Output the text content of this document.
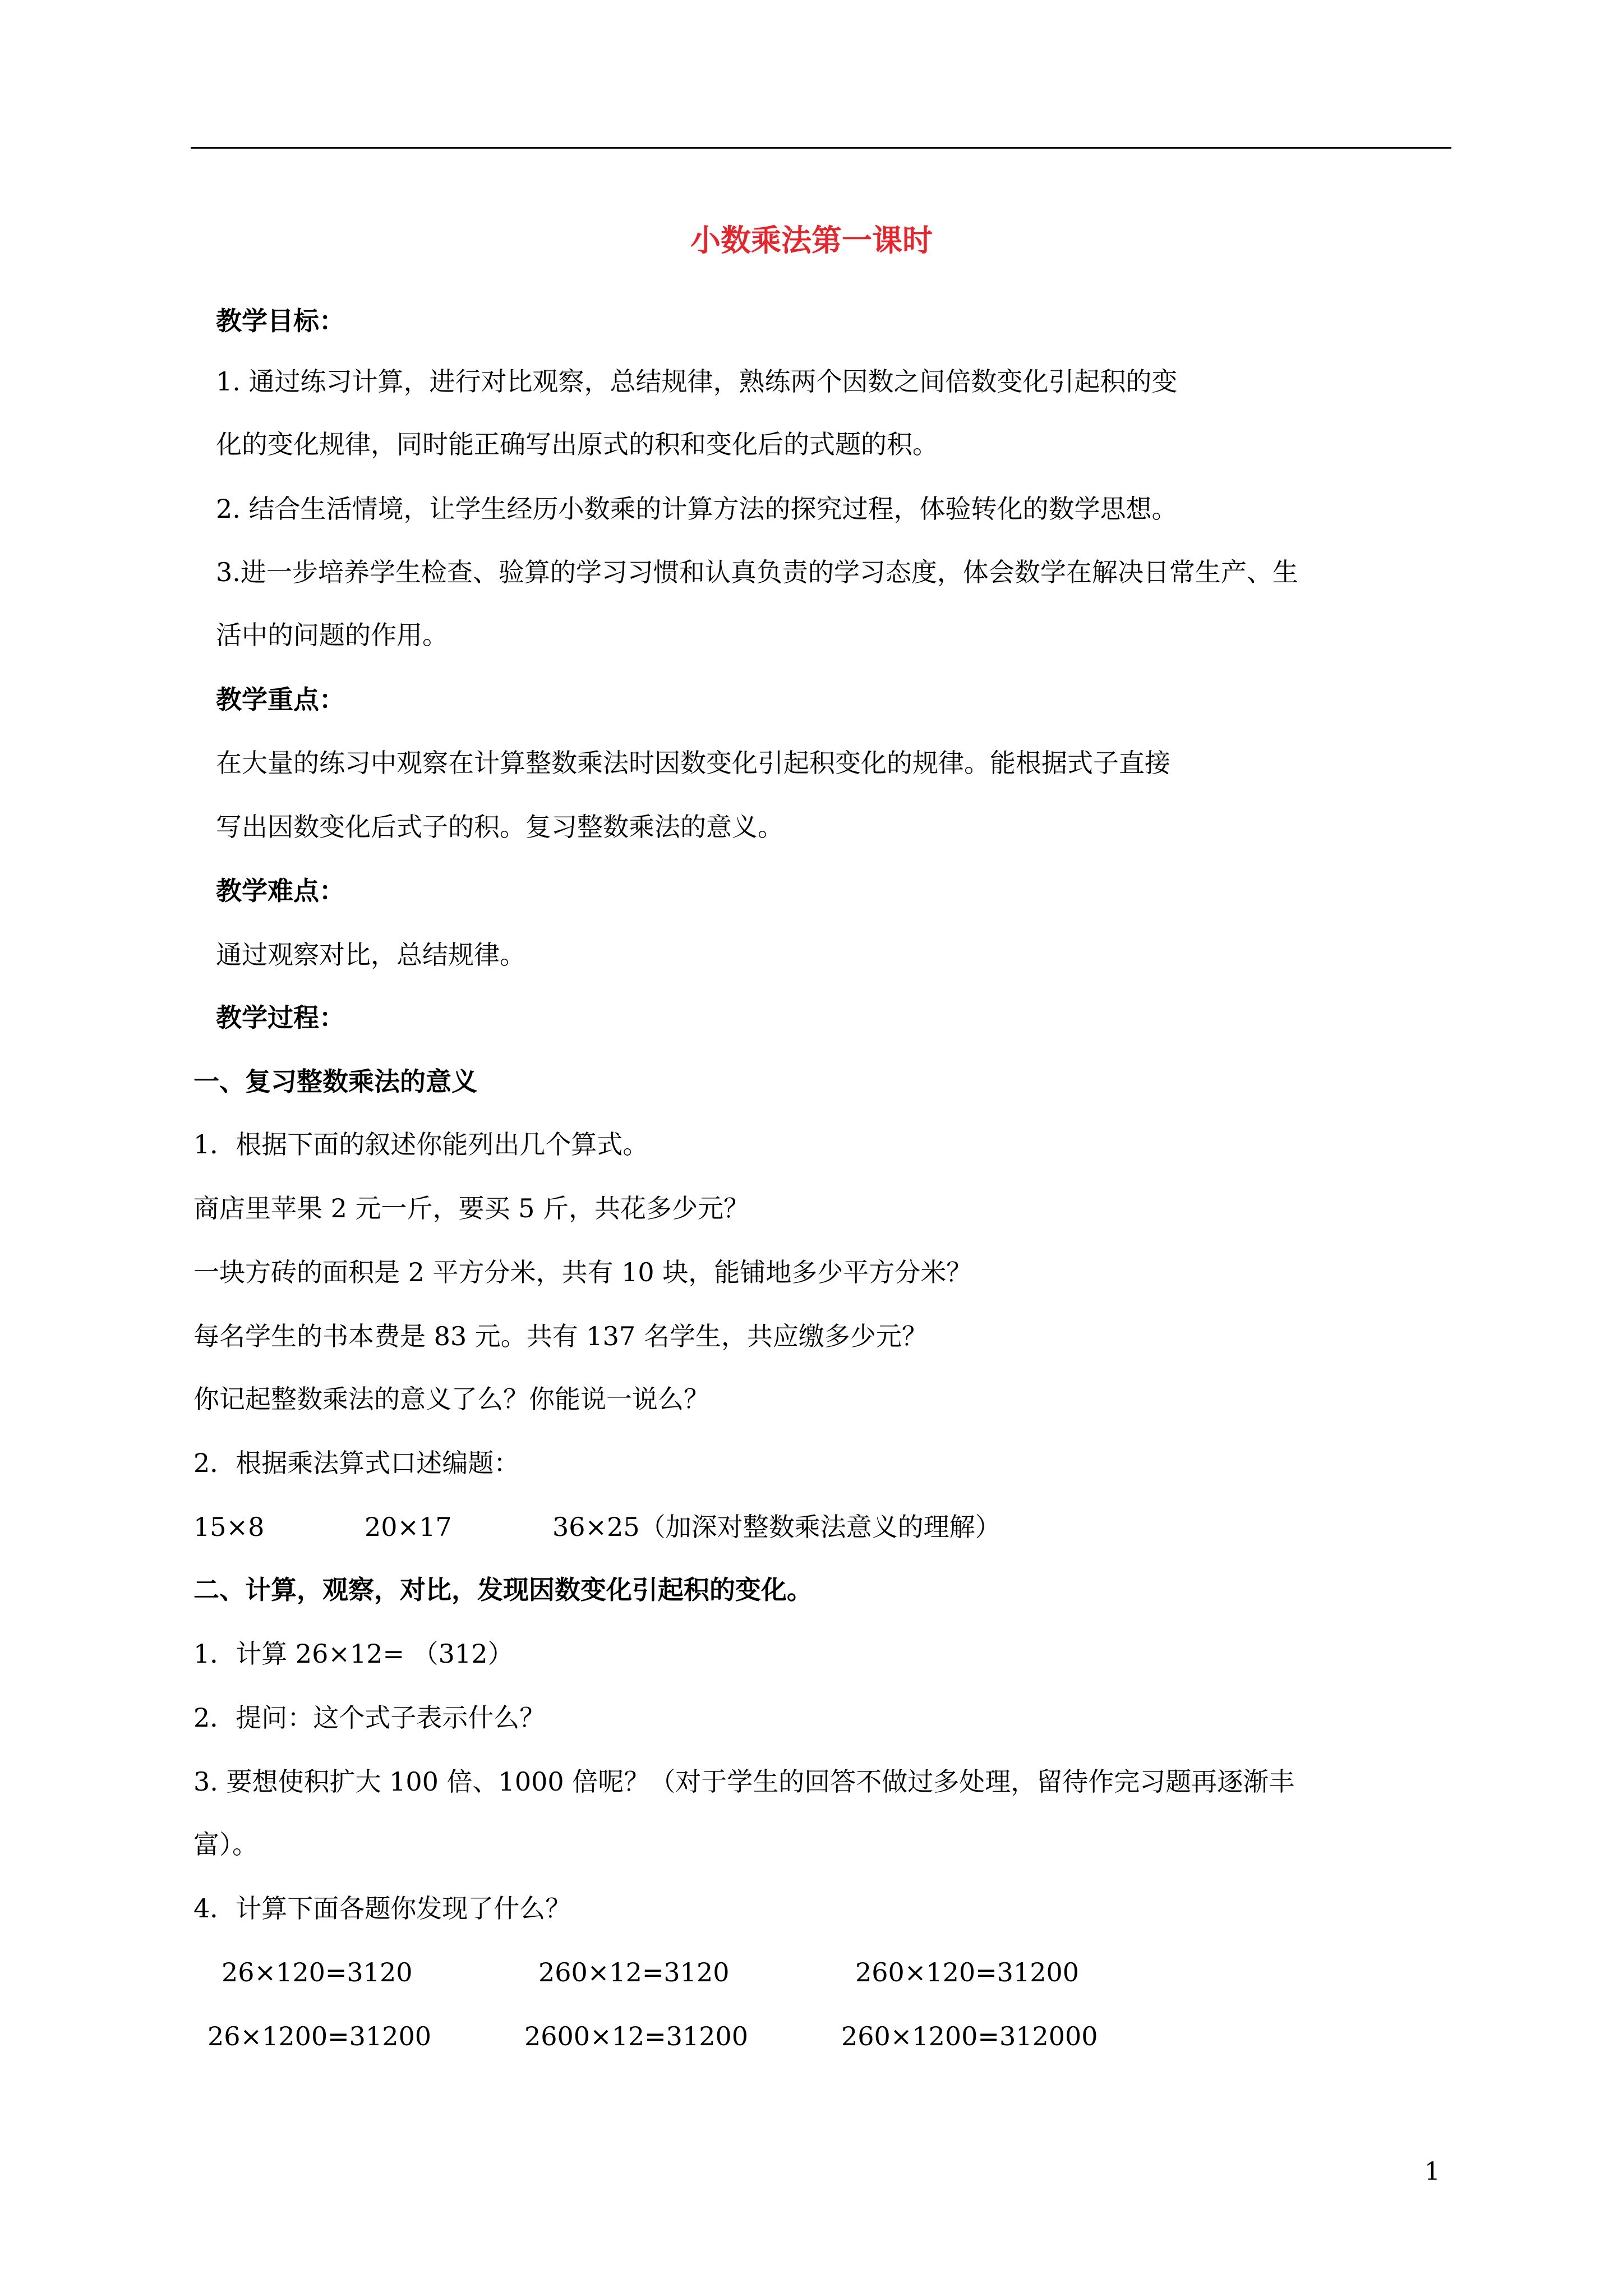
小数乘法第一课时
教学目标：
1. 通过练习计算，进行对比观察，总结规律，熟练两个因数之间倍数变化引起积的变
化的变化规律，同时能正确写出原式的积和变化后的式题的积。
2. 结合生活情境，让学生经历小数乘的计算方法的探究过程，体验转化的数学思想。
3.进一步培养学生检查、验算的学习习惯和认真负责的学习态度，体会数学在解决日常生产、生
活中的问题的作用。
教学重点：
在大量的练习中观察在计算整数乘法时因数变化引起积变化的规律。能根据式子直接
写出因数变化后式子的积。复习整数乘法的意义。
教学难点：
通过观察对比，总结规律。
教学过程：
一、复习整数乘法的意义
1．根据下面的叙述你能列出几个算式。
商店里苹果 2 元一斤，要买 5 斤，共花多少元？
一块方砖的面积是 2 平方分米，共有 10 块，能铺地多少平方分米？
每名学生的书本费是 83 元。共有 137 名学生，共应缴多少元？
你记起整数乘法的意义了么？你能说一说么？
2．根据乘法算式口述编题：
15×8	20×17	36×25（加深对整数乘法意义的理解）
二、计算，观察，对比，发现因数变化引起积的变化。
1．计算 26×12= （312）
2．提问：这个式子表示什么？
3. 要想使积扩大 100 倍、1000 倍呢？（对于学生的回答不做过多处理，留待作完习题再逐渐丰
富）。
4．计算下面各题你发现了什么？
26×120=3120	260×12=3120	260×120=31200
26×1200=31200	2600×12=31200	260×1200=312000
1
